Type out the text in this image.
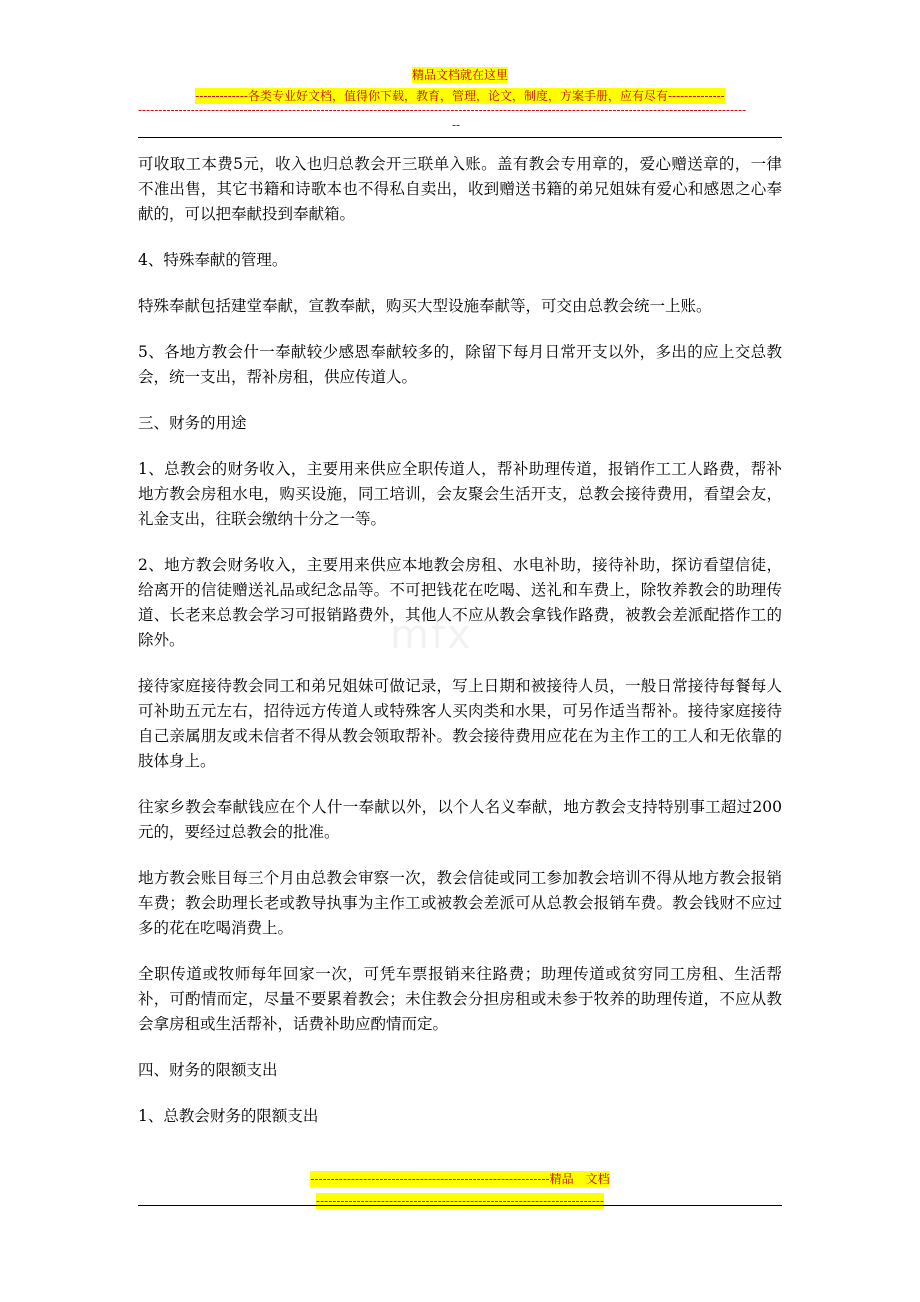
精品文档就在这里

-------------各类专业好文档，值得你下载，教育，管理，论文，制度，方案手册，应有尽有--------------

------------------------------------------------------------------------------------------------------------------------------------------------------
--
mfx

可收取工本费5元，收入也归总教会开三联单入账。盖有教会专用章的，爱心赠送章的，一律不准出售，其它书籍和诗歌本也不得私自卖出，收到赠送书籍的弟兄姐妹有爱心和感恩之心奉献的，可以把奉献投到奉献箱。

4、特殊奉献的管理。

特殊奉献包括建堂奉献，宣教奉献，购买大型设施奉献等，可交由总教会统一上账。

5、各地方教会什一奉献较少感恩奉献较多的，除留下每月日常开支以外，多出的应上交总教会，统一支出，帮补房租，供应传道人。

三、财务的用途

1、总教会的财务收入，主要用来供应全职传道人，帮补助理传道，报销作工工人路费，帮补地方教会房租水电，购买设施，同工培训，会友聚会生活开支，总教会接待费用，看望会友，礼金支出，往联会缴纳十分之一等。

2、地方教会财务收入，主要用来供应本地教会房租、水电补助，接待补助，探访看望信徒，给离开的信徒赠送礼品或纪念品等。不可把钱花在吃喝、送礼和车费上，除牧养教会的助理传道、长老来总教会学习可报销路费外，其他人不应从教会拿钱作路费，被教会差派配搭作工的除外。

接待家庭接待教会同工和弟兄姐妹可做记录，写上日期和被接待人员，一般日常接待每餐每人可补助五元左右，招待远方传道人或特殊客人买肉类和水果，可另作适当帮补。接待家庭接待自己亲属朋友或未信者不得从教会领取帮补。教会接待费用应花在为主作工的工人和无依靠的肢体身上。

往家乡教会奉献钱应在个人什一奉献以外，以个人名义奉献，地方教会支持特别事工超过200元的，要经过总教会的批准。

地方教会账目每三个月由总教会审察一次，教会信徒或同工参加教会培训不得从地方教会报销车费；教会助理长老或教导执事为主作工或被教会差派可从总教会报销车费。教会钱财不应过多的花在吃喝消费上。

全职传道或牧师每年回家一次，可凭车票报销来往路费；助理传道或贫穷同工房租、生活帮补，可酌情而定，尽量不要累着教会；未住教会分担房租或未参于牧养的助理传道，不应从教会拿房租或生活帮补，话费补助应酌情而定。

四、财务的限额支出

1、总教会财务的限额支出

-----------------------------------------------------------精品　文档

-----------------------------------------------------------------------
